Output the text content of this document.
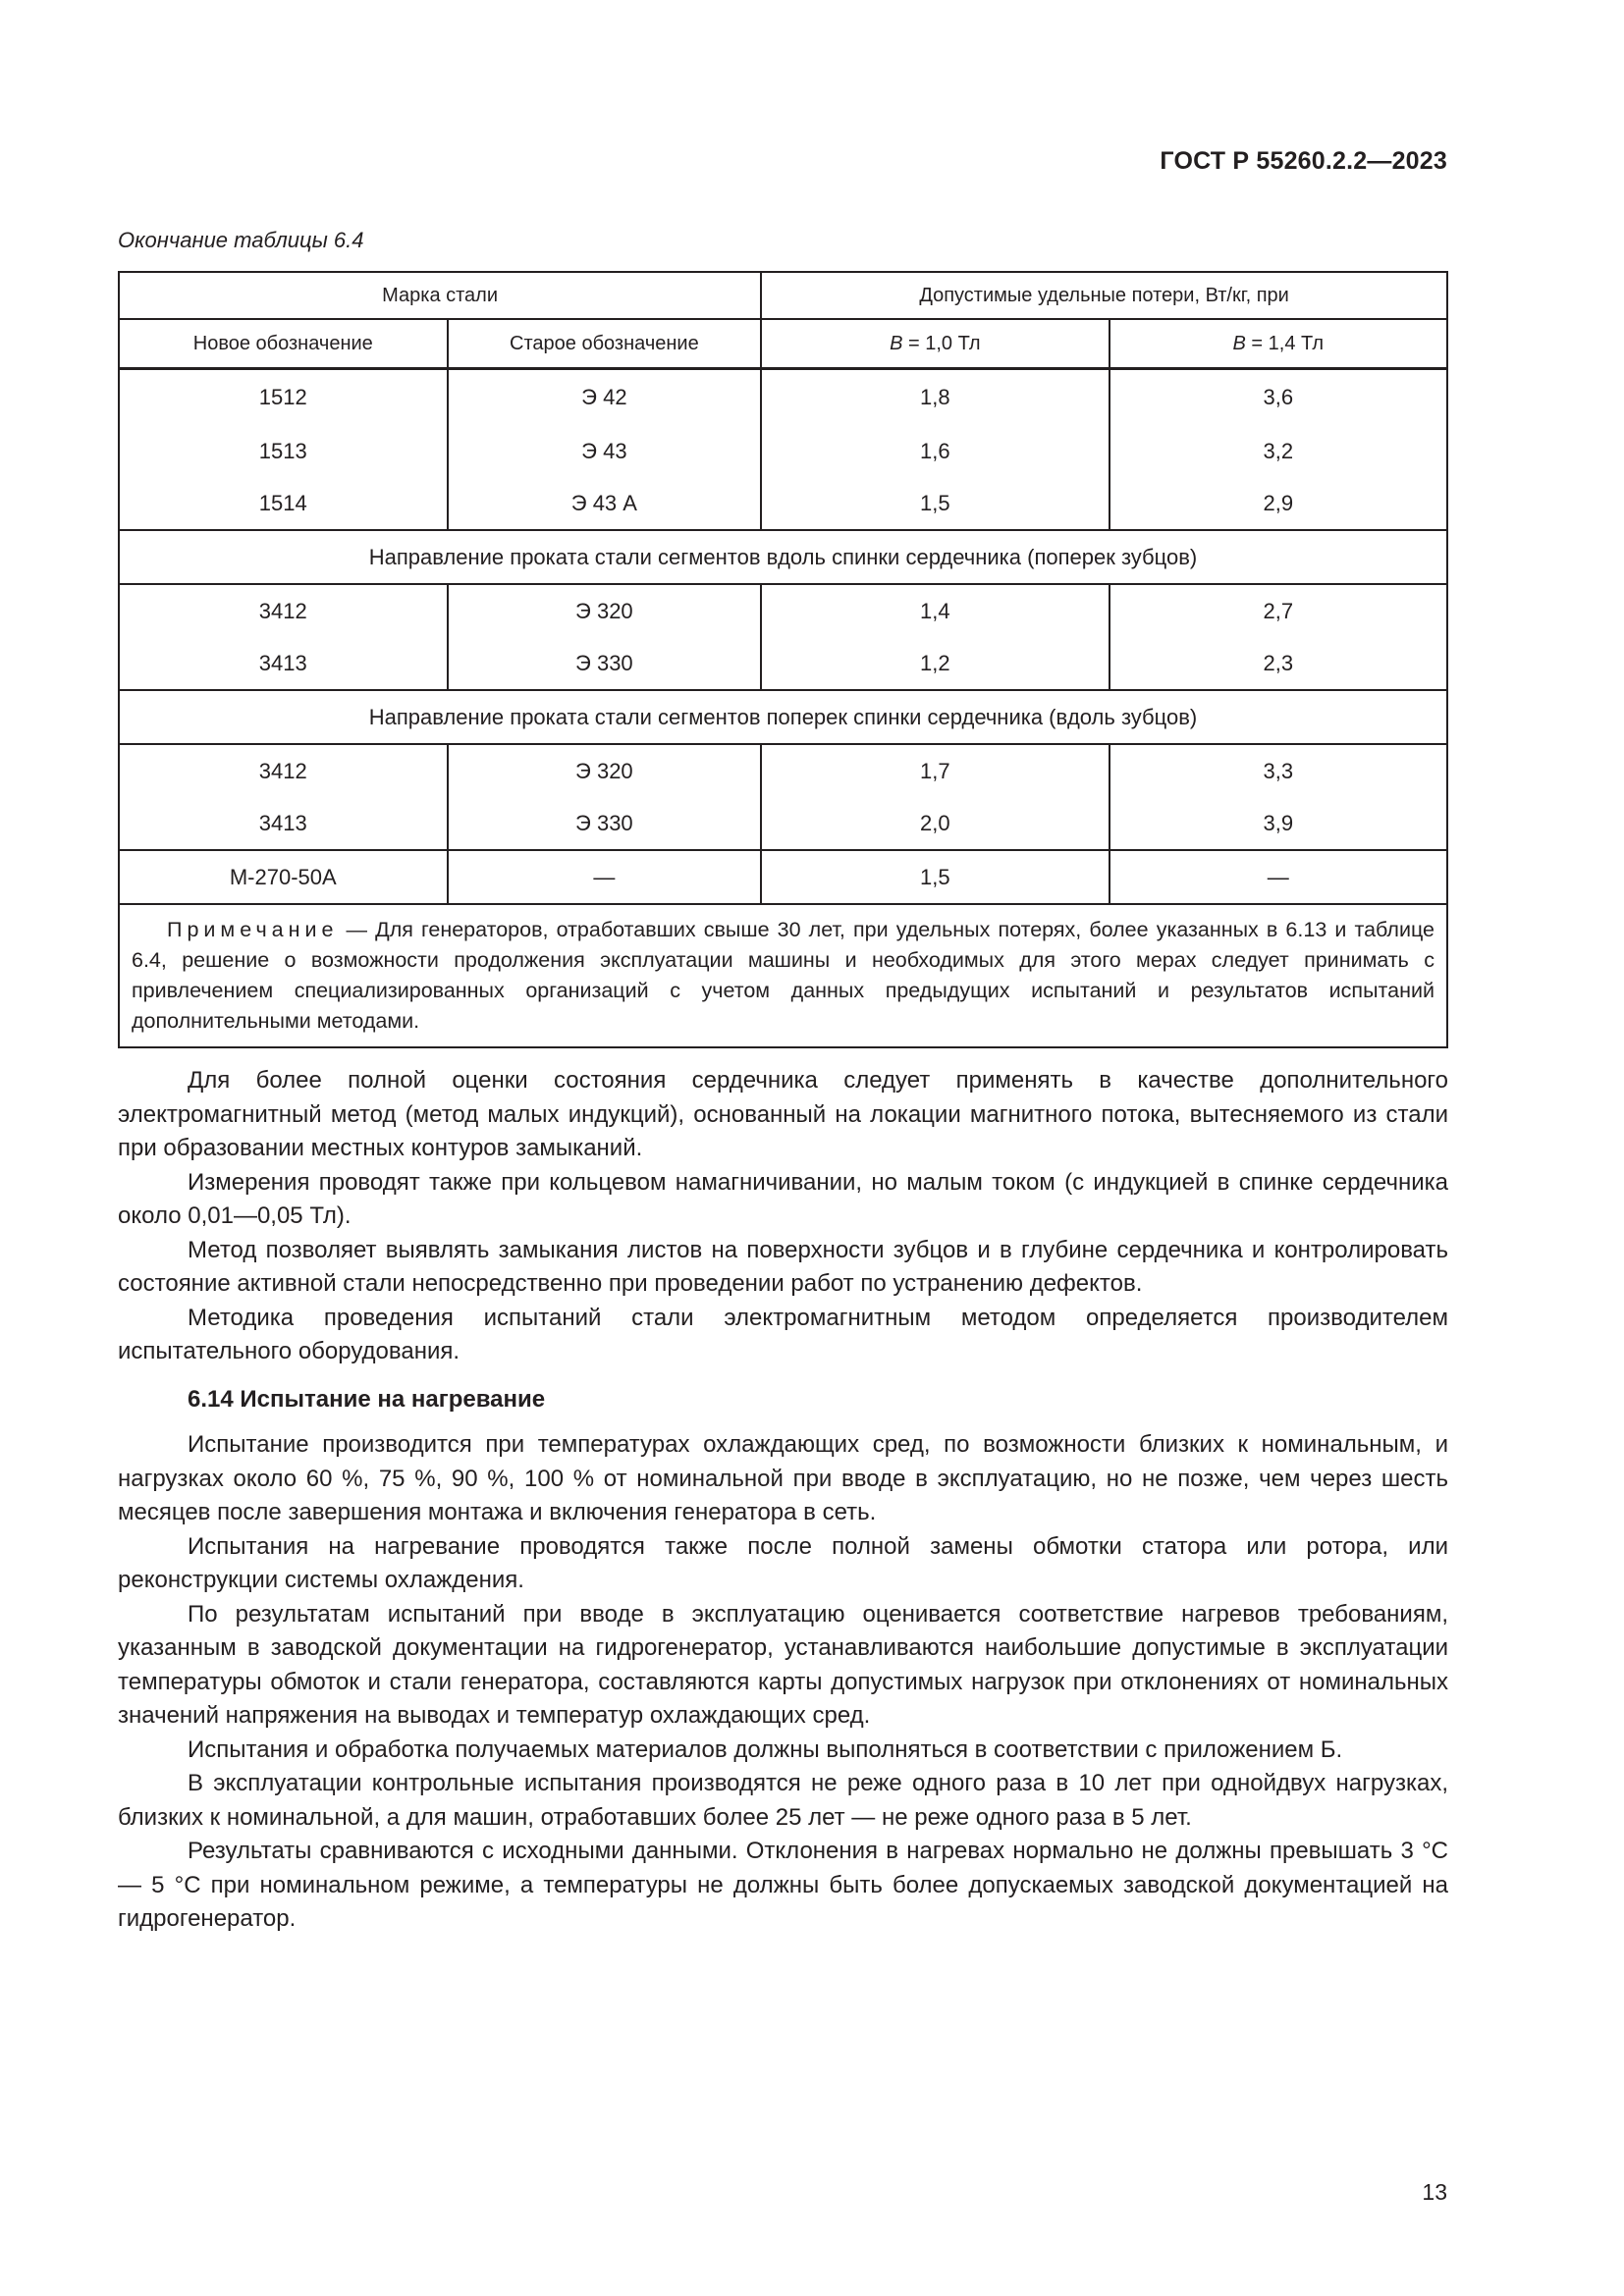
ГОСТ Р 55260.2.2—2023
Окончание таблицы 6.4
Марка стали		Допустимые удельные потери, Вт/кг, при	
Новое обозначение	Старое обозначение	B = 1,0 Тл	B = 1,4 Тл
1512	Э 42	1,8	3,6
1513	Э 43	1,6	3,2
1514	Э 43 А	1,5	2,9
Направление проката стали сегментов вдоль спинки сердечника (поперек зубцов)			
3412	Э 320	1,4	2,7
3413	Э 330	1,2	2,3
Направление проката стали сегментов поперек спинки сердечника (вдоль зубцов)			
3412	Э 320	1,7	3,3
3413	Э 330	2,0	3,9
M-270-50A	—	1,5	—
Примечание — Для генераторов, отработавших свыше 30 лет, при удельных потерях, более указанных в 6.13 и таблице 6.4, решение о возможности продолжения эксплуатации машины и необходимых для этого мерах следует принимать с привлечением специализированных организаций с учетом данных предыдущих испытаний и результатов испытаний дополнительными методами.			

Для более полной оценки состояния сердечника следует применять в качестве дополнительного электромагнитный метод (метод малых индукций), основанный на локации магнитного потока, вытесняемого из стали при образовании местных контуров замыканий.

Измерения проводят также при кольцевом намагничивании, но малым током (с индукцией в спинке сердечника около 0,01—0,05 Тл).

Метод позволяет выявлять замыкания листов на поверхности зубцов и в глубине сердечника и контролировать состояние активной стали непосредственно при проведении работ по устранению дефектов.

Методика проведения испытаний стали электромагнитным методом определяется производителем испытательного оборудования.

6.14 Испытание на нагревание

Испытание производится при температурах охлаждающих сред, по возможности близких к номинальным, и нагрузках около 60 %, 75 %, 90 %, 100 % от номинальной при вводе в эксплуатацию, но не позже, чем через шесть месяцев после завершения монтажа и включения генератора в сеть.

Испытания на нагревание проводятся также после полной замены обмотки статора или ротора, или реконструкции системы охлаждения.

По результатам испытаний при вводе в эксплуатацию оценивается соответствие нагревов требованиям, указанным в заводской документации на гидрогенератор, устанавливаются наибольшие допустимые в эксплуатации температуры обмоток и стали генератора, составляются карты допустимых нагрузок при отклонениях от номинальных значений напряжения на выводах и температур охлаждающих сред.

Испытания и обработка получаемых материалов должны выполняться в соответствии с приложением Б.

В эксплуатации контрольные испытания производятся не реже одного раза в 10 лет при однойдвух нагрузках, близких к номинальной, а для машин, отработавших более 25 лет — не реже одного раза в 5 лет.

Результаты сравниваются с исходными данными. Отклонения в нагревах нормально не должны превышать 3 °С — 5 °С при номинальном режиме, а температуры не должны быть более допускаемых заводской документацией на гидрогенератор.

13
